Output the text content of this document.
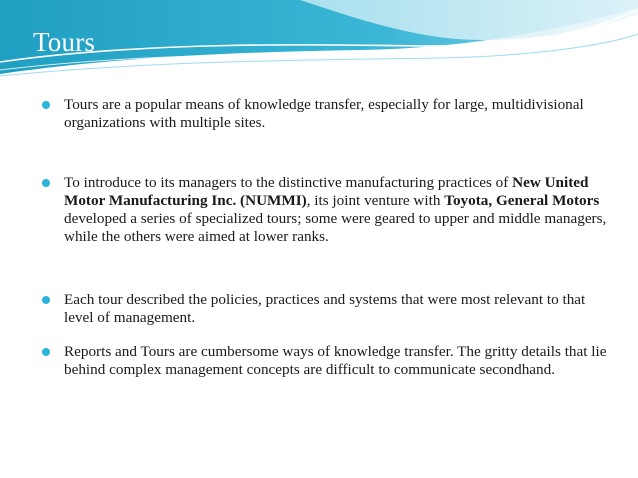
Tours
Tours are a popular means of knowledge transfer, especially for large, multidivisional organizations with multiple sites.
To introduce to its managers to the distinctive manufacturing practices of New United Motor Manufacturing Inc. (NUMMI), its joint venture with Toyota, General Motors developed a series of specialized tours; some were geared to upper and middle managers, while the others were aimed at lower ranks.
Each tour described the policies, practices and systems that were most relevant to that level of management.
Reports and Tours are cumbersome ways of knowledge transfer. The gritty details that lie behind complex management concepts are difficult to communicate secondhand.
